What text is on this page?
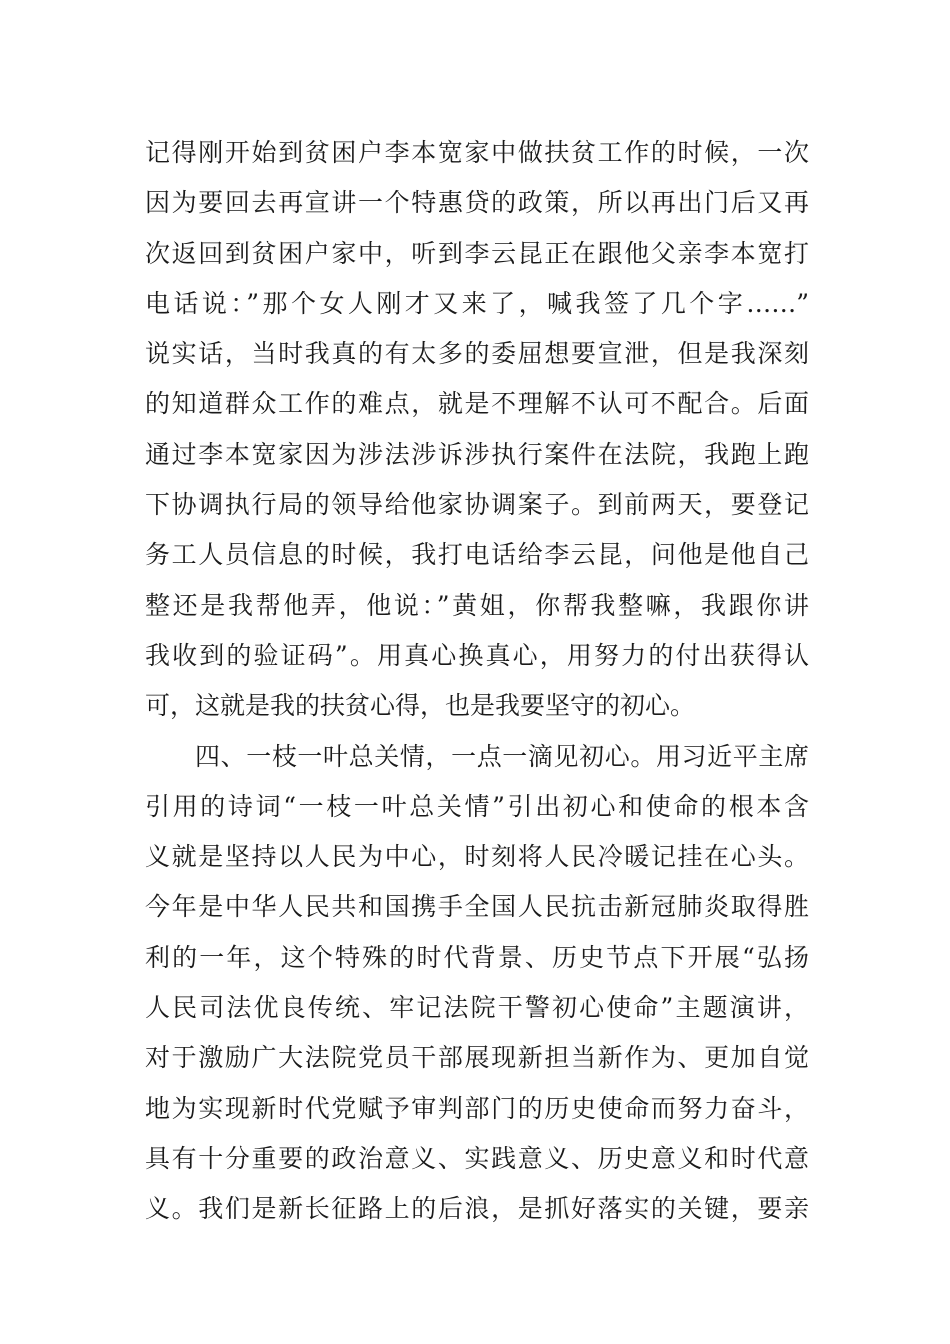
记得刚开始到贫困户李本宽家中做扶贫工作的时候，一次
因为要回去再宣讲一个特惠贷的政策，所以再出门后又再
次返回到贫困户家中，听到李云昆正在跟他父亲李本宽打
电话说：”那个女人刚才又来了，喊我签了几个字……”
说实话，当时我真的有太多的委屈想要宣泄，但是我深刻
的知道群众工作的难点，就是不理解不认可不配合。后面
通过李本宽家因为涉法涉诉涉执行案件在法院，我跑上跑
下协调执行局的领导给他家协调案子。到前两天，要登记
务工人员信息的时候，我打电话给李云昆，问他是他自己
整还是我帮他弄，他说：”黄姐，你帮我整嘛，我跟你讲
我收到的验证码”。用真心换真心，用努力的付出获得认
可，这就是我的扶贫心得，也是我要坚守的初心。
四、一枝一叶总关情，一点一滴见初心。用习近平主席
引用的诗词“一枝一叶总关情”引出初心和使命的根本含
义就是坚持以人民为中心，时刻将人民冷暖记挂在心头。
今年是中华人民共和国携手全国人民抗击新冠肺炎取得胜
利的一年，这个特殊的时代背景、历史节点下开展“弘扬
人民司法优良传统、牢记法院干警初心使命”主题演讲，
对于激励广大法院党员干部展现新担当新作为、更加自觉
地为实现新时代党赋予审判部门的历史使命而努力奋斗，
具有十分重要的政治意义、实践意义、历史意义和时代意
义。我们是新长征路上的后浪，是抓好落实的关键，要亲
